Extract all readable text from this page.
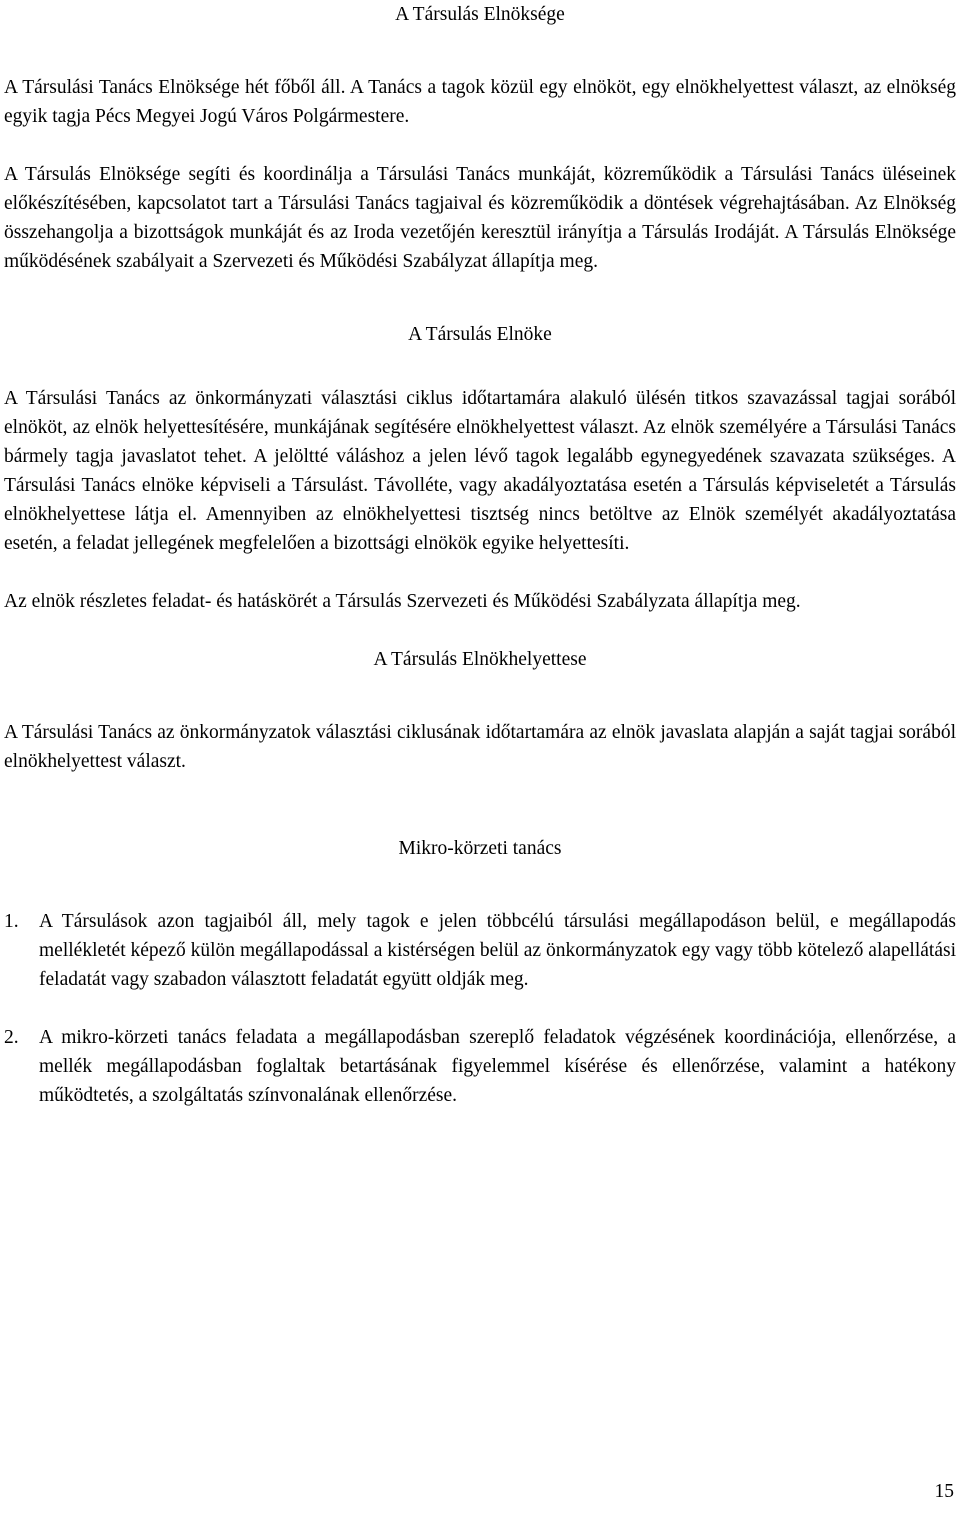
A Társulás Elnöksége

A Társulási Tanács Elnöksége hét főből áll. A Tanács a tagok közül egy elnököt, egy elnökhelyettest választ, az elnökség egyik tagja Pécs Megyei Jogú Város Polgármestere.

A Társulás Elnöksége segíti és koordinálja a Társulási Tanács munkáját, közreműködik a Társulási Tanács üléseinek előkészítésében, kapcsolatot tart a Társulási Tanács tagjaival és közreműködik a döntések végrehajtásában. Az Elnökség összehangolja a bizottságok munkáját és az Iroda vezetőjén keresztül irányítja a Társulás Irodáját. A Társulás Elnöksége működésének szabályait a Szervezeti és Működési Szabályzat állapítja meg.

A Társulás Elnöke

A Társulási Tanács az önkormányzati választási ciklus időtartamára alakuló ülésén titkos szavazással tagjai sorából elnököt, az elnök helyettesítésére, munkájának segítésére elnökhelyettest választ. Az elnök személyére a Társulási Tanács bármely tagja javaslatot tehet. A jelöltté váláshoz a jelen lévő tagok legalább egynegyedének szavazata szükséges. A Társulási Tanács elnöke képviseli a Társulást. Távolléte, vagy akadályoztatása esetén a Társulás képviseletét a Társulás elnökhelyettese látja el. Amennyiben az elnökhelyettesi tisztség nincs betöltve az Elnök személyét akadályoztatása esetén, a feladat jellegének megfelelően a bizottsági elnökök egyike helyettesíti.

Az elnök részletes feladat- és hatáskörét a Társulás Szervezeti és Működési Szabályzata állapítja meg.

A Társulás Elnökhelyettese

A Társulási Tanács az önkormányzatok választási ciklusának időtartamára az elnök javaslata alapján a saját tagjai sorából elnökhelyettest választ.

Mikro-körzeti tanács

1.	A Társulások azon tagjaiból áll, mely tagok e jelen többcélú társulási megállapodáson belül, e megállapodás mellékletét képező külön megállapodással a kistérségen belül az önkormányzatok egy vagy több kötelező alapellátási feladatát vagy szabadon választott feladatát együtt oldják meg.
2.	A mikro-körzeti tanács feladata a megállapodásban szereplő feladatok végzésének koordinációja, ellenőrzése, a mellék megállapodásban foglaltak betartásának figyelemmel kísérése és ellenőrzése, valamint a hatékony működtetés, a szolgáltatás színvonalának ellenőrzése.
15
